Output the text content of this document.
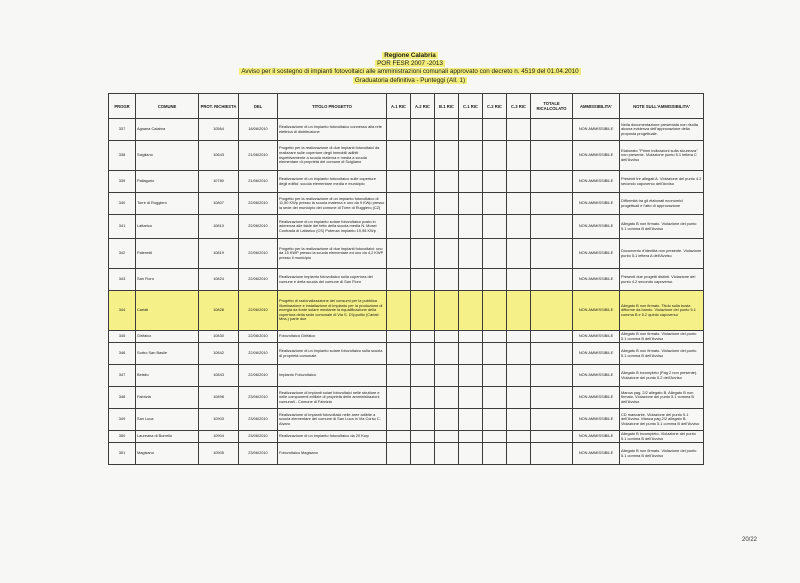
Regione Calabria
POR FESR 2007 -2013
Avviso per il sostegno di impianti fotovoltaici alle amministrazioni comunali approvato con decreto n. 4519 del 01.04.2010
Graduatoria definitiva - Punteggi (All. 1)
PROGR	COMUNE	PROT. RICHIESTA	DEL	TITOLO PROGETTO	A.1 RIC	A.2 RIC	B.1 RIC	C.1 RIC	C.2 RIC	C.3 RIC	TOTALE RICALCOLATO	AMMISSIBILITA'	NOTE SULL'AMMISSIBILITA'
337	Agnana Calabra	10564	18/06/2010	Realizzazione di un impianto fotovoltaico connesso alla rete elettrica di distribuzione								NON AMMISSIBILE	Nella documentazione presentata non risulta alcuna evidenza dell'approvazione della proposta progettuale.
338	Scigliano	10643	21/06/2010	Progetto per la realizzazione di due impianti fotovoltaici da realizzare sulle coperture degli immobili adibiti rispettivamente a scuola materna e media a scuola elementare di proprietà del comune di Scigliano								NON AMMISSIBILE	Elaborato "Prime indicazioni sulla sicurezza" non presente. Violazione punto 5.1 lettera C dell'Avviso
339	Pallagorio	10780	21/06/2010	Realizzazione di un impianto fotovoltaico sulle coperture degli edifici: scuola elementare media e municipio								NON AMMISSIBILE	Presenti tre allegati A. Violazione del punto 4.2 secondo capoverso dell'Avviso
340	Torre di Ruggiero	10807	22/06/2010	Progetto per la realizzazione di un impianto fotovoltaico di 11,50 KWp presso la scuola materna e uno da 9 KWp presso la sede del municipio del comune di Torre di Ruggiero (CZ)								NON AMMISSIBILE	Difformità tra gli elaborati economici progettuali e l'atto di approvazione
341	Lattarico	10810	22/06/2010	Realizzazione di un impianto solare fotovoltaico posto in aderenza alle falde del tetto della scuola media N. Mosei Contrada di Lattarico (CS) Potenza Impianto 19,98 KWp								NON AMMISSIBILE	Allegato B non firmato. Violazione del punto 5.1 comma B dell'Avviso
342	Palermiti	10819	22/06/2010	Progetto per la realizzazione di due impianti fotovoltaici: uno da 15 KWP presso la scuola elementare ed uno da 4,2 KWP presso il municipio								NON AMMISSIBILE	Documento d'identità non presente. Violazione punto 5.1 lettera A dell'Avviso
343	San Floro	10824	22/06/2010	Realizzazione impianto fotovoltaico sulla copertura del comune e della scuola del comune di San Floro								NON AMMISSIBILE	Presenti due progetti distinti. Violazione del punto 4.2 secondo capoverso.
344	Cariati	10828	22/06/2010	Progetto di razionalizzazione dei consumi per la pubblica illuminazione e installazione di impianto per la produzione di energia da fonte solare mediante la riqualificazione della copertura della sede comunale di Via S. D'Ippolito (Cariati Mna.) parte due								NON AMMISSIBILE	Allegato B non firmato. Titolo sulla busta difforme da bando. Violazione del punto 5.1 comma B e 5.2 quinto capoverso
345	Girifalco	10830	22/06/2010	Fotovoltaico Girifalco								NON AMMISSIBILE	Allegato B non firmato. Violazione del punto 5.1 comma B dell'Avviso
346	Sorbo San Basile	10842	22/06/2010	Realizzazione di un impianto solare fotovoltaico sulla scuola di proprietà comunale								NON AMMISSIBILE	Allegato B non firmato. Violazione del punto 5.1 comma B dell'Avviso
347	Belsito	10843	22/06/2010	Impianto Fotovoltaico								NON AMMISSIBILE	Allegato B incompleto (Pag 2 non presente). Violazione del punto 5.2 dell'Avviso
348	Fabrizia	10898	23/06/2010	Realizzazione di impianti solari fotovoltaici nelle strutture e nelle componenti edilizie di proprietà delle amministrazioni comunali - Comune di Fabrizia								NON AMMISSIBILE	Manca pag. 2/2 allegato B. Allegato B non firmato. Violazione del punto 5.1 comma B dell'Avviso
349	San Luca	10903	23/06/2010	Realizzazione di impianti fotovoltaici nelle aree adibite a scuola elementare del comune di San Luca in Via Corso C. Alvaro								NON AMMISSIBILE	CD mancante. Violazione del punto 5.1 dell'Avviso. Manca pag 2/2 allegato B. Violazione del punto 5.1 comma B dell'Avviso
350	Laureana di Borrello	10904	23/06/2010	Realizzazione di un impianto fotovoltaico da 20 Kwp								NON AMMISSIBILE	Allegato B incompleto. Violazione del punto 5.1 comma B dell'Avviso
351	Magisano	10905	23/06/2010	Fotovoltaico Magisano								NON AMMISSIBILE	Allegato B non firmato. Violazione del punto 5.1 comma B dell'Avviso
20/22
